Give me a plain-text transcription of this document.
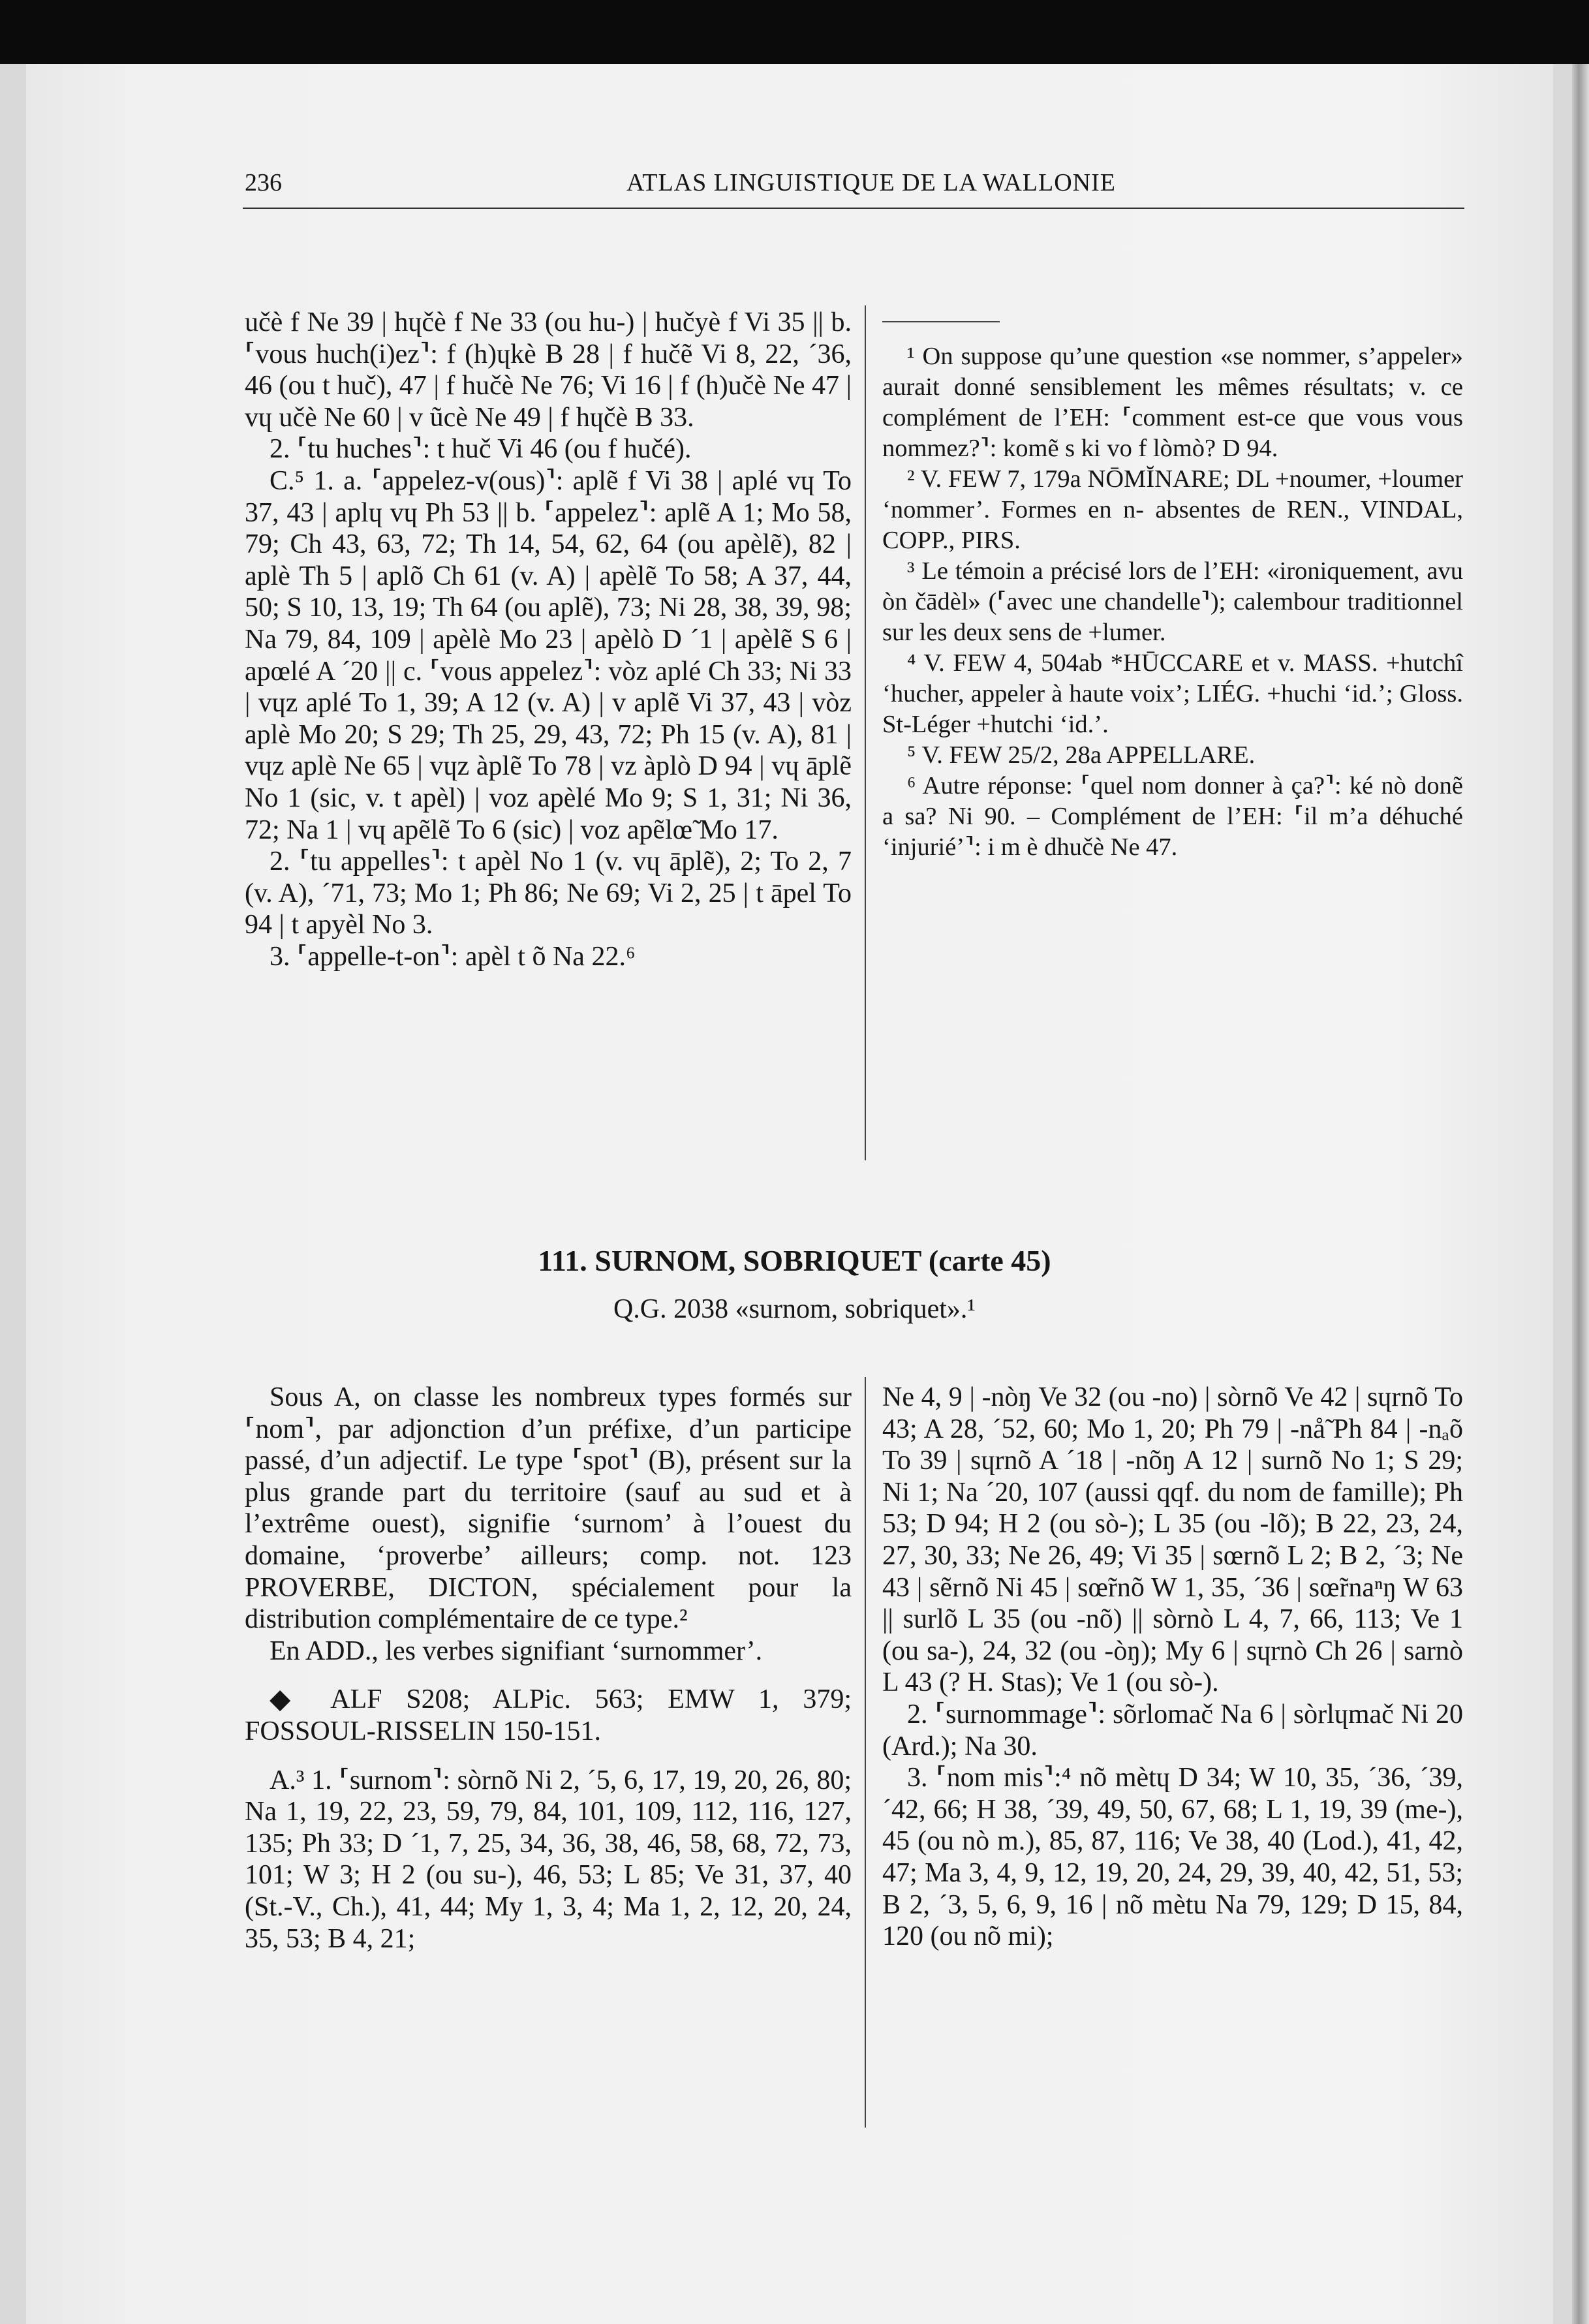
236	ATLAS LINGUISTIQUE DE LA WALLONIE

učè f Ne 39 | hɥčè f Ne 33 (ou hu-) | hučyè f Vi 35 || b. ⸢vous huch(i)ez⸣: f (h)ɥkè B 28 | f hučẽ Vi 8, 22, ´36, 46 (ou t huč), 47 | f hučè Ne 76; Vi 16 | f (h)učè Ne 47 | vɥ učè Ne 60 | v ũcè Ne 49 | f hɥčè B 33.

2. ⸢tu huches⸣: t huč Vi 46 (ou f hučé).

C.⁵ 1. a. ⸢appelez-v(ous)⸣: aplẽ f Vi 38 | aplé vɥ To 37, 43 | aplɥ vɥ Ph 53 || b. ⸢appelez⸣: aplẽ A 1; Mo 58, 79; Ch 43, 63, 72; Th 14, 54, 62, 64 (ou apèlẽ), 82 | aplè Th 5 | aplõ Ch 61 (v. A) | apèlẽ To 58; A 37, 44, 50; S 10, 13, 19; Th 64 (ou aplẽ), 73; Ni 28, 38, 39, 98; Na 79, 84, 109 | apèlè Mo 23 | apèlò D ´1 | apèlẽ S 6 | apœlé A ´20 || c. ⸢vous appelez⸣: vòz aplé Ch 33; Ni 33 | vɥz aplé To 1, 39; A 12 (v. A) | v aplẽ Vi 37, 43 | vòz aplè Mo 20; S 29; Th 25, 29, 43, 72; Ph 15 (v. A), 81 | vɥz aplè Ne 65 | vɥz àplẽ To 78 | vz àplò D 94 | vɥ āplẽ No 1 (sic, v. t apèl) | voz apèlé Mo 9; S 1, 31; Ni 36, 72; Na 1 | vɥ apẽlẽ To 6 (sic) | voz apẽlœ̃ Mo 17.

2. ⸢tu appelles⸣: t apèl No 1 (v. vɥ āplẽ), 2; To 2, 7 (v. A), ´71, 73; Mo 1; Ph 86; Ne 69; Vi 2, 25 | t āpel To 94 | t apyèl No 3.

3. ⸢appelle-t-on⸣: apèl t õ Na 22.⁶

¹ On suppose qu’une question «se nommer, s’appeler» aurait donné sensiblement les mêmes résultats; v. ce complément de l’EH: ⸢comment est-ce que vous vous nommez?⸣: komẽ s ki vo f lòmò? D 94.

² V. FEW 7, 179a NŌMĬNARE; DL +noumer, +loumer ‘nommer’. Formes en n- absentes de REN., VINDAL, COPP., PIRS.

³ Le témoin a précisé lors de l’EH: «ironiquement, avu òn čādèl» (⸢avec une chandelle⸣); calembour traditionnel sur les deux sens de +lumer.

⁴ V. FEW 4, 504ab *HŪCCARE et v. MASS. +hutchî ‘hucher, appeler à haute voix’; LIÉG. +huchi ‘id.’; Gloss. St-Léger +hutchi ‘id.’.

⁵ V. FEW 25/2, 28a APPELLARE.

⁶ Autre réponse: ⸢quel nom donner à ça?⸣: ké nò donẽ a sa? Ni 90. – Complément de l’EH: ⸢il m’a déhuché ‘injurié’⸣: i m è dhučè Ne 47.

111. SURNOM, SOBRIQUET (carte 45)
Q.G. 2038 «surnom, sobriquet».¹

Sous A, on classe les nombreux types formés sur ⸢nom⸣, par adjonction d’un préfixe, d’un participe passé, d’un adjectif. Le type ⸢spot⸣ (B), présent sur la plus grande part du territoire (sauf au sud et à l’extrême ouest), signifie ‘surnom’ à l’ouest du domaine, ‘proverbe’ ailleurs; comp. not. 123 PROVERBE, DICTON, spécialement pour la distribution complémentaire de ce type.²

En ADD., les verbes signifiant ‘surnommer’.

◆ ALF S208; ALPic. 563; EMW 1, 379; FOSSOUL-RISSELIN 150-151.

A.³ 1. ⸢surnom⸣: sòrnõ Ni 2, ´5, 6, 17, 19, 20, 26, 80; Na 1, 19, 22, 23, 59, 79, 84, 101, 109, 112, 116, 127, 135; Ph 33; D ´1, 7, 25, 34, 36, 38, 46, 58, 68, 72, 73, 101; W 3; H 2 (ou su-), 46, 53; L 85; Ve 31, 37, 40 (St.-V., Ch.), 41, 44; My 1, 3, 4; Ma 1, 2, 12, 20, 24, 35, 53; B 4, 21;

Ne 4, 9 | -nòŋ Ve 32 (ou -no) | sòrnõ Ve 42 | sɥrnõ To 43; A 28, ´52, 60; Mo 1, 20; Ph 79 | -nå̃ Ph 84 | -nₐõ To 39 | sɥrnõ A ´18 | -nõŋ A 12 | surnõ No 1; S 29; Ni 1; Na ´20, 107 (aussi qqf. du nom de famille); Ph 53; D 94; H 2 (ou sò-); L 35 (ou -lõ); B 22, 23, 24, 27, 30, 33; Ne 26, 49; Vi 35 | sœrnõ L 2; B 2, ´3; Ne 43 | sẽrnõ Ni 45 | sœ̃rnõ W 1, 35, ´36 | sœ̃rnaⁿŋ W 63 || surlõ L 35 (ou -nõ) || sòrnò L 4, 7, 66, 113; Ve 1 (ou sa-), 24, 32 (ou -òŋ); My 6 | sɥrnò Ch 26 | sarnò L 43 (? H. Stas); Ve 1 (ou sò-).

2. ⸢surnommage⸣: sõrlomač Na 6 | sòrlɥmač Ni 20 (Ard.); Na 30.

3. ⸢nom mis⸣:⁴ nõ mètɥ D 34; W 10, 35, ´36, ´39, ´42, 66; H 38, ´39, 49, 50, 67, 68; L 1, 19, 39 (me-), 45 (ou nò m.), 85, 87, 116; Ve 38, 40 (Lod.), 41, 42, 47; Ma 3, 4, 9, 12, 19, 20, 24, 29, 39, 40, 42, 51, 53; B 2, ´3, 5, 6, 9, 16 | nõ mètu Na 79, 129; D 15, 84, 120 (ou nõ mi);
